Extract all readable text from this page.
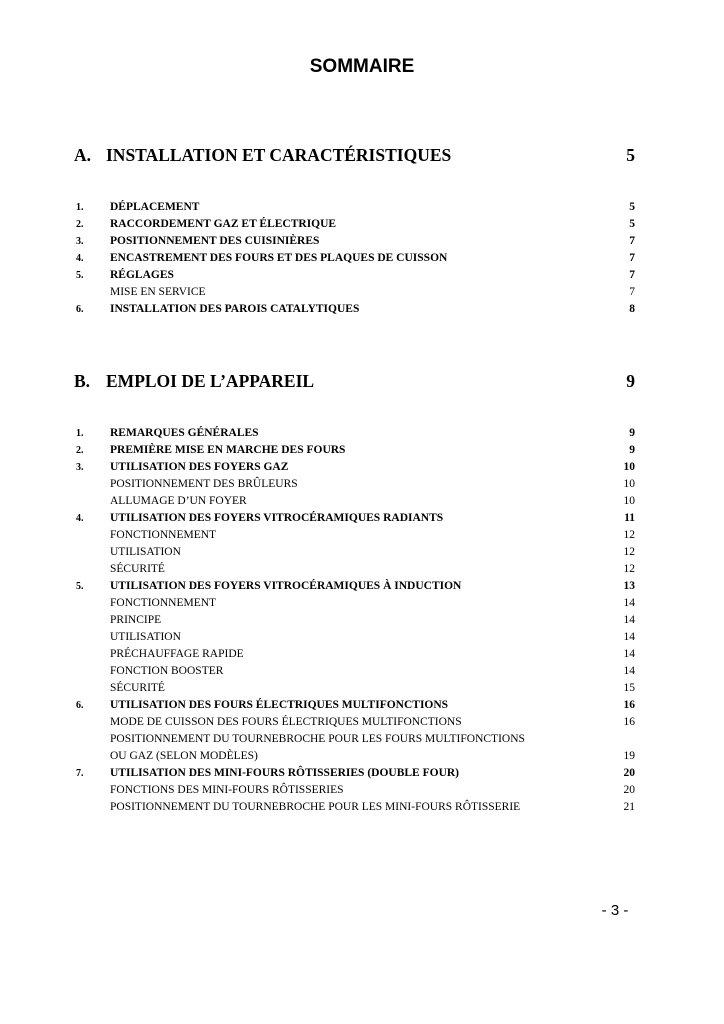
SOMMAIRE
A. INSTALLATION ET CARACTÉRISTIQUES	5
1. DÉPLACEMENT	5
2. RACCORDEMENT GAZ ET ÉLECTRIQUE	5
3. POSITIONNEMENT DES CUISINIÈRES	7
4. ENCASTREMENT DES FOURS ET DES PLAQUES DE CUISSON	7
5. RÉGLAGES	7
MISE EN SERVICE	7
6. INSTALLATION DES PAROIS CATALYTIQUES	8
B. EMPLOI DE L’APPAREIL	9
1. REMARQUES GÉNÉRALES	9
2. PREMIÈRE MISE EN MARCHE DES FOURS	9
3. UTILISATION DES FOYERS GAZ	10
POSITIONNEMENT DES BRÛLEURS	10
ALLUMAGE D’UN FOYER	10
4. UTILISATION DES FOYERS VITROCÉRAMIQUES RADIANTS	11
FONCTIONNEMENT	12
UTILISATION	12
SÉCURITÉ	12
5. UTILISATION DES FOYERS VITROCÉRAMIQUES À INDUCTION	13
FONCTIONNEMENT	14
PRINCIPE	14
UTILISATION	14
PRÉCHAUFFAGE RAPIDE	14
FONCTION BOOSTER	14
SÉCURITÉ	15
6. UTILISATION DES FOURS ÉLECTRIQUES MULTIFONCTIONS	16
MODE DE CUISSON DES FOURS ÉLECTRIQUES MULTIFONCTIONS	16
POSITIONNEMENT DU TOURNEBROCHE POUR LES FOURS MULTIFONCTIONS
OU GAZ (SELON MODÈLES)	19
7. UTILISATION DES MINI-FOURS RÔTISSERIES (DOUBLE FOUR)	20
FONCTIONS DES MINI-FOURS RÔTISSERIES	20
POSITIONNEMENT DU TOURNEBROCHE POUR LES MINI-FOURS RÔTISSERIE	21
- 3 -
